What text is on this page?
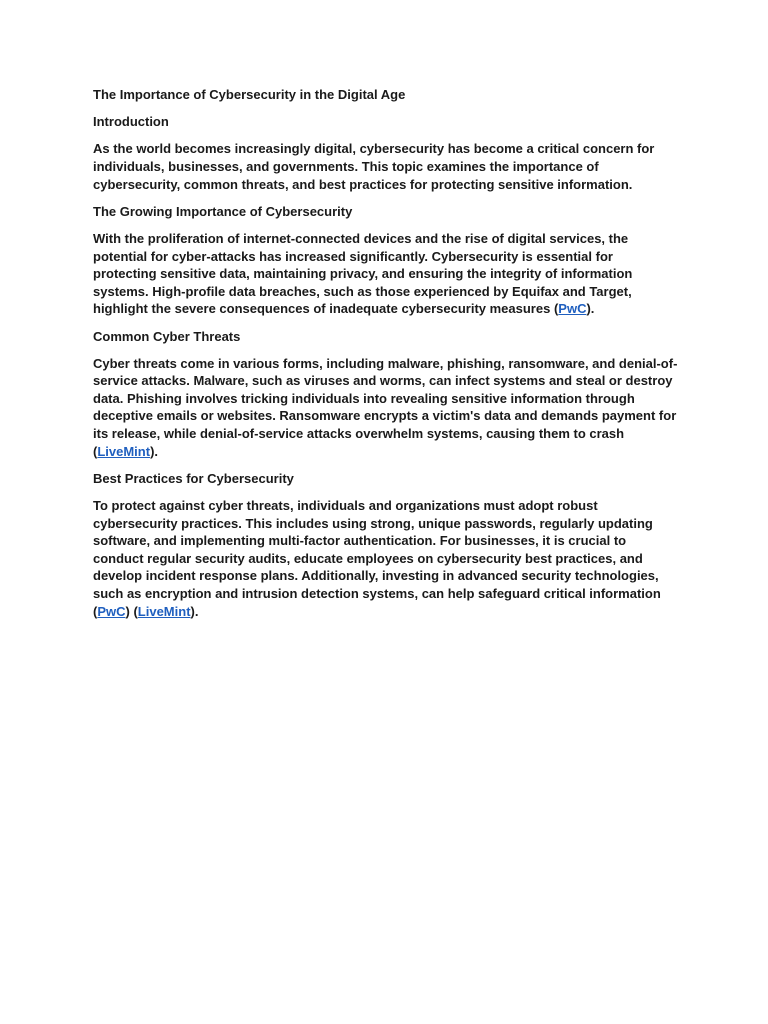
The Importance of Cybersecurity in the Digital Age
Introduction
As the world becomes increasingly digital, cybersecurity has become a critical concern for individuals, businesses, and governments. This topic examines the importance of cybersecurity, common threats, and best practices for protecting sensitive information.
The Growing Importance of Cybersecurity
With the proliferation of internet-connected devices and the rise of digital services, the potential for cyber-attacks has increased significantly. Cybersecurity is essential for protecting sensitive data, maintaining privacy, and ensuring the integrity of information systems. High-profile data breaches, such as those experienced by Equifax and Target, highlight the severe consequences of inadequate cybersecurity measures (PwC).
Common Cyber Threats
Cyber threats come in various forms, including malware, phishing, ransomware, and denial-of-service attacks. Malware, such as viruses and worms, can infect systems and steal or destroy data. Phishing involves tricking individuals into revealing sensitive information through deceptive emails or websites. Ransomware encrypts a victim's data and demands payment for its release, while denial-of-service attacks overwhelm systems, causing them to crash (LiveMint).
Best Practices for Cybersecurity
To protect against cyber threats, individuals and organizations must adopt robust cybersecurity practices. This includes using strong, unique passwords, regularly updating software, and implementing multi-factor authentication. For businesses, it is crucial to conduct regular security audits, educate employees on cybersecurity best practices, and develop incident response plans. Additionally, investing in advanced security technologies, such as encryption and intrusion detection systems, can help safeguard critical information (PwC) (LiveMint).
